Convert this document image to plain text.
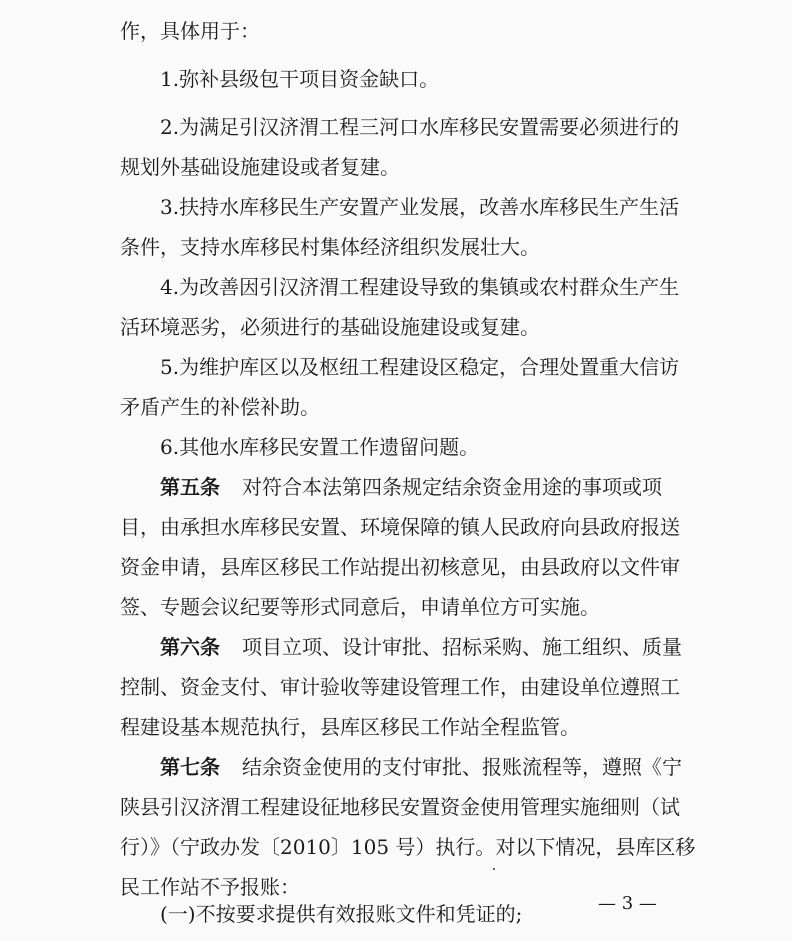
作，具体用于：

1.弥补县级包干项目资金缺口。

2.为满足引汉济渭工程三河口水库移民安置需要必须进行的

规划外基础设施建设或者复建。

3.扶持水库移民生产安置产业发展，改善水库移民生产生活

条件，支持水库移民村集体经济组织发展壮大。

4.为改善因引汉济渭工程建设导致的集镇或农村群众生产生

活环境恶劣，必须进行的基础设施建设或复建。

5.为维护库区以及枢纽工程建设区稳定，合理处置重大信访

矛盾产生的补偿补助。

6.其他水库移民安置工作遗留问题。

第五条 对符合本法第四条规定结余资金用途的事项或项

目，由承担水库移民安置、环境保障的镇人民政府向县政府报送

资金申请，县库区移民工作站提出初核意见，由县政府以文件审

签、专题会议纪要等形式同意后，申请单位方可实施。

第六条 项目立项、设计审批、招标采购、施工组织、质量

控制、资金支付、审计验收等建设管理工作，由建设单位遵照工

程建设基本规范执行，县库区移民工作站全程监管。

第七条 结余资金使用的支付审批、报账流程等，遵照《宁

陕县引汉济渭工程建设征地移民安置资金使用管理实施细则（试

行）》（宁政办发〔2010〕105 号）执行。对以下情况，县库区移

民工作站不予报账：

(一)不按要求提供有效报账文件和凭证的;	— 3 —
